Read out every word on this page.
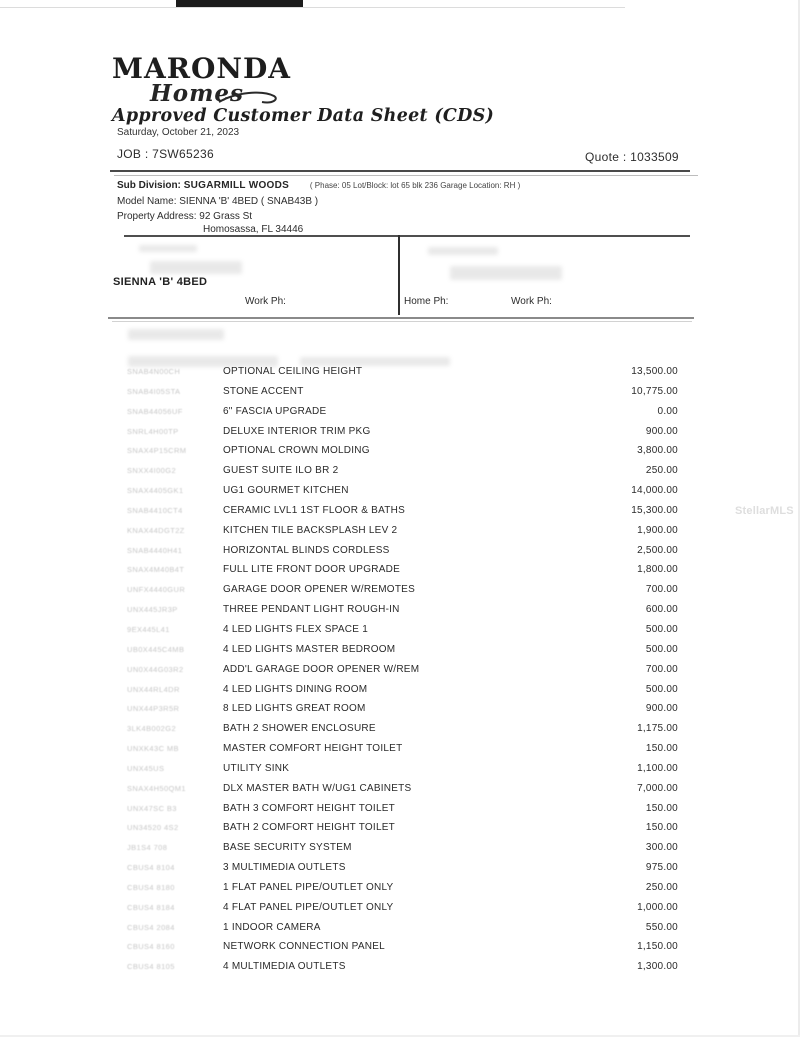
MARONDA
Homes
Approved Customer Data Sheet (CDS)
Saturday, October 21, 2023
JOB : 7SW65236	Quote : 1033509
Sub Division: SUGARMILL WOODS	( Phase: 05 Lot/Block: lot 65 blk 236 Garage Location: RH )
Model Name: SIENNA 'B' 4BED ( SNAB43B )
Property Address: 92 Grass St
Homosassa, FL 34446
SIENNA 'B' 4BED
Work Ph:	Home Ph:	Work Ph:
StellarMLS
SNAB4N00CH	OPTIONAL CEILING HEIGHT	13,500.00
SNAB4I05STA	STONE ACCENT	10,775.00
SNAB44056UF	6" FASCIA UPGRADE	0.00
SNRL4H00TP	DELUXE INTERIOR TRIM PKG	900.00
SNAX4P15CRM	OPTIONAL CROWN MOLDING	3,800.00
SNXX4I00G2	GUEST SUITE ILO BR 2	250.00
SNAX4405GK1	UG1 GOURMET KITCHEN	14,000.00
SNAB4410CT4	CERAMIC LVL1 1ST FLOOR & BATHS	15,300.00
KNAX44DGT2Z	KITCHEN TILE BACKSPLASH LEV 2	1,900.00
SNAB4440H41	HORIZONTAL BLINDS CORDLESS	2,500.00
SNAX4M40B4T	FULL LITE FRONT DOOR UPGRADE	1,800.00
UNFX4440GUR	GARAGE DOOR OPENER W/REMOTES	700.00
UNX445JR3P	THREE PENDANT LIGHT ROUGH-IN	600.00
9EX445L41	4 LED LIGHTS FLEX SPACE 1	500.00
UB0X445C4MB	4 LED LIGHTS MASTER BEDROOM	500.00
UN0X44G03R2	ADD'L GARAGE DOOR OPENER W/REM	700.00
UNX44RL4DR	4 LED LIGHTS DINING ROOM	500.00
UNX44P3R5R	8 LED LIGHTS GREAT ROOM	900.00
3LK4B002G2	BATH 2 SHOWER ENCLOSURE	1,175.00
UNXK43C MB	MASTER COMFORT HEIGHT TOILET	150.00
UNX45US	UTILITY SINK	1,100.00
SNAX4H50QM1	DLX MASTER BATH W/UG1 CABINETS	7,000.00
UNX47SC B3	BATH 3 COMFORT HEIGHT TOILET	150.00
UN34520 4S2	BATH 2 COMFORT HEIGHT TOILET	150.00
JB1S4 708	BASE SECURITY SYSTEM	300.00
CBUS4 8104	3 MULTIMEDIA OUTLETS	975.00
CBUS4 8180	1 FLAT PANEL PIPE/OUTLET ONLY	250.00
CBUS4 8184	4 FLAT PANEL PIPE/OUTLET ONLY	1,000.00
CBUS4 2084	1 INDOOR CAMERA	550.00
CBUS4 8160	NETWORK CONNECTION PANEL	1,150.00
CBUS4 8105	4 MULTIMEDIA OUTLETS	1,300.00
